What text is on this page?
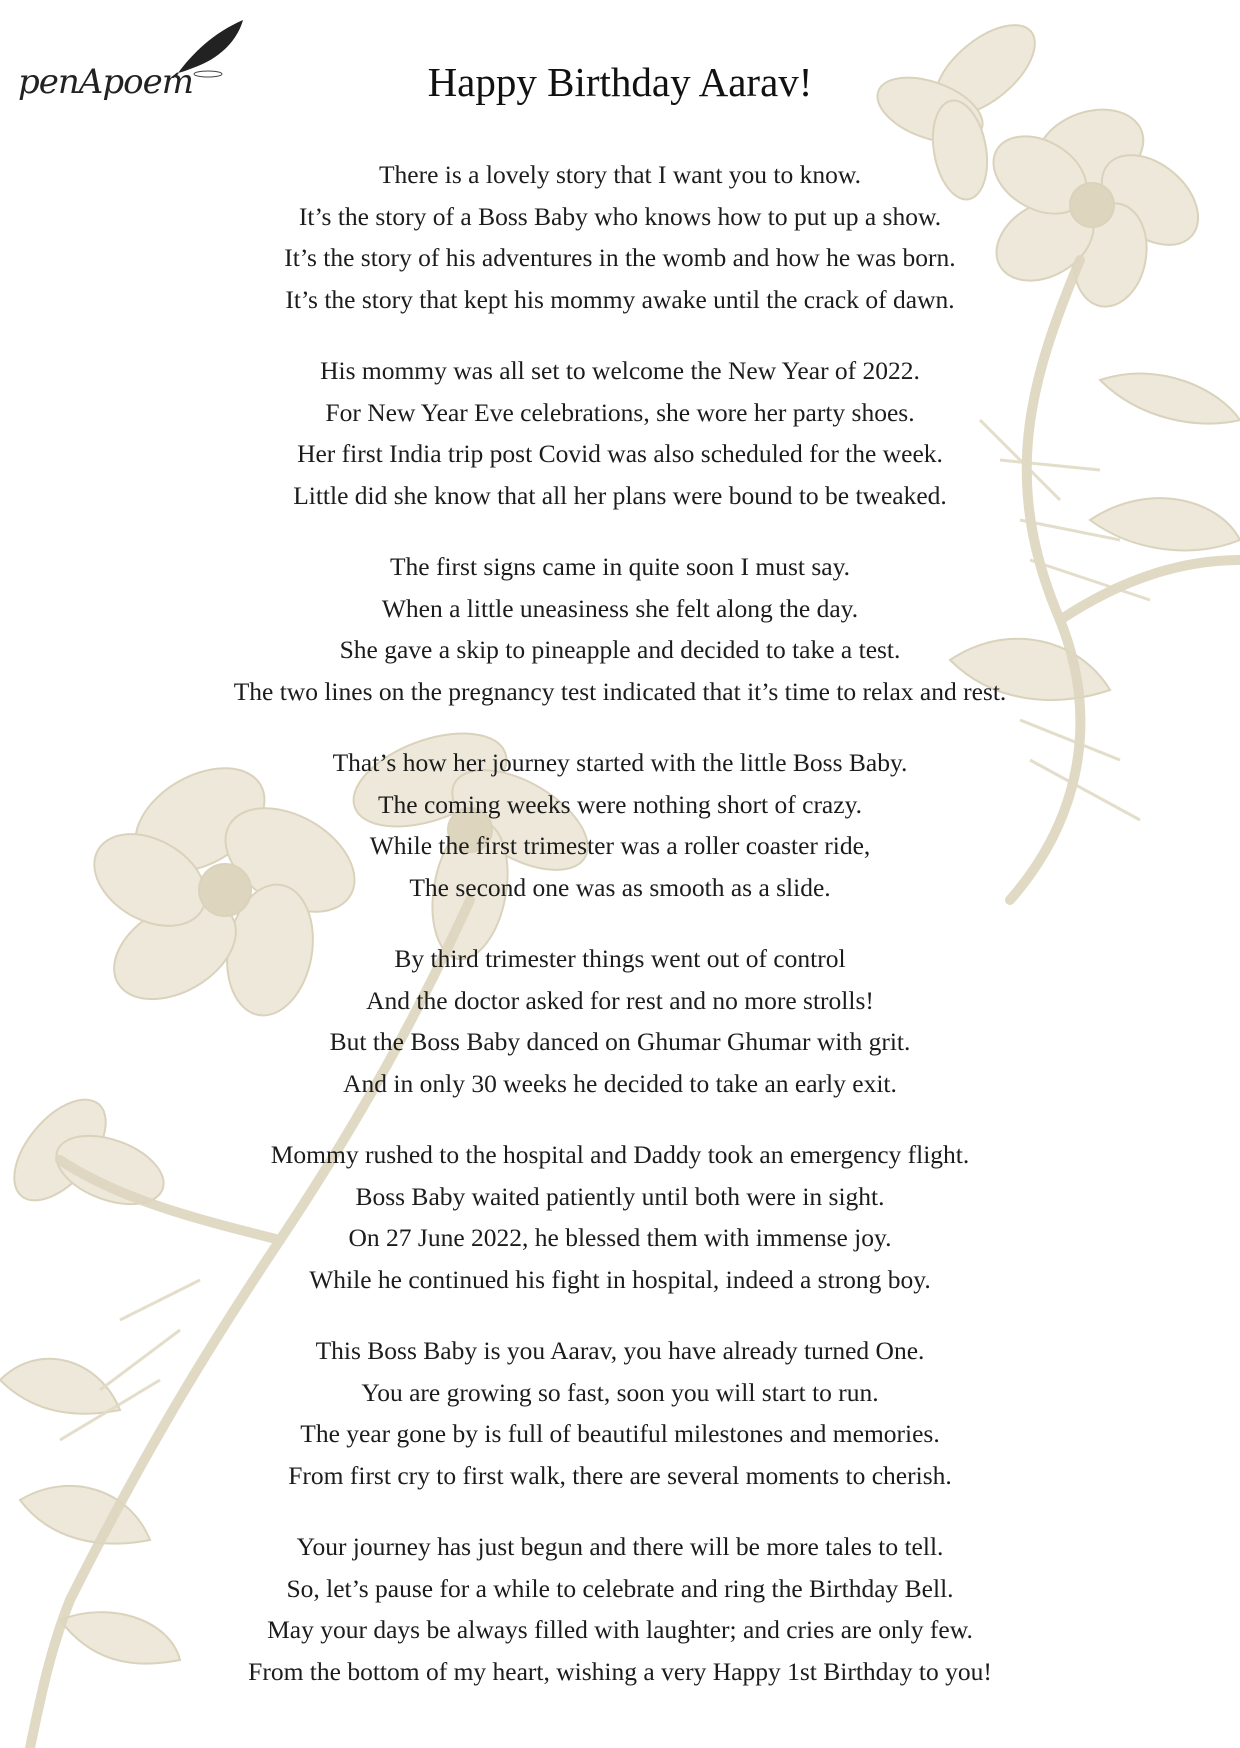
penApoem	Happy Birthday Aarav!
There is a lovely story that I want you to know.
It’s the story of a Boss Baby who knows how to put up a show.
It’s the story of his adventures in the womb and how he was born.
It’s the story that kept his mommy awake until the crack of dawn.
His mommy was all set to welcome the New Year of 2022.
For New Year Eve celebrations, she wore her party shoes.
Her first India trip post Covid was also scheduled for the week.
Little did she know that all her plans were bound to be tweaked.
The first signs came in quite soon I must say.
When a little uneasiness she felt along the day.
She gave a skip to pineapple and decided to take a test.
The two lines on the pregnancy test indicated that it’s time to relax and rest.
That’s how her journey started with the little Boss Baby.
The coming weeks were nothing short of crazy.
While the first trimester was a roller coaster ride,
The second one was as smooth as a slide.
By third trimester things went out of control
And the doctor asked for rest and no more strolls!
But the Boss Baby danced on Ghumar Ghumar with grit.
And in only 30 weeks he decided to take an early exit.
Mommy rushed to the hospital and Daddy took an emergency flight.
Boss Baby waited patiently until both were in sight.
On 27 June 2022, he blessed them with immense joy.
While he continued his fight in hospital, indeed a strong boy.
This Boss Baby is you Aarav, you have already turned One.
You are growing so fast, soon you will start to run.
The year gone by is full of beautiful milestones and memories.
From first cry to first walk, there are several moments to cherish.
Your journey has just begun and there will be more tales to tell.
So, let’s pause for a while to celebrate and ring the Birthday Bell.
May your days be always filled with laughter; and cries are only few.
From the bottom of my heart, wishing a very Happy 1st Birthday to you!
